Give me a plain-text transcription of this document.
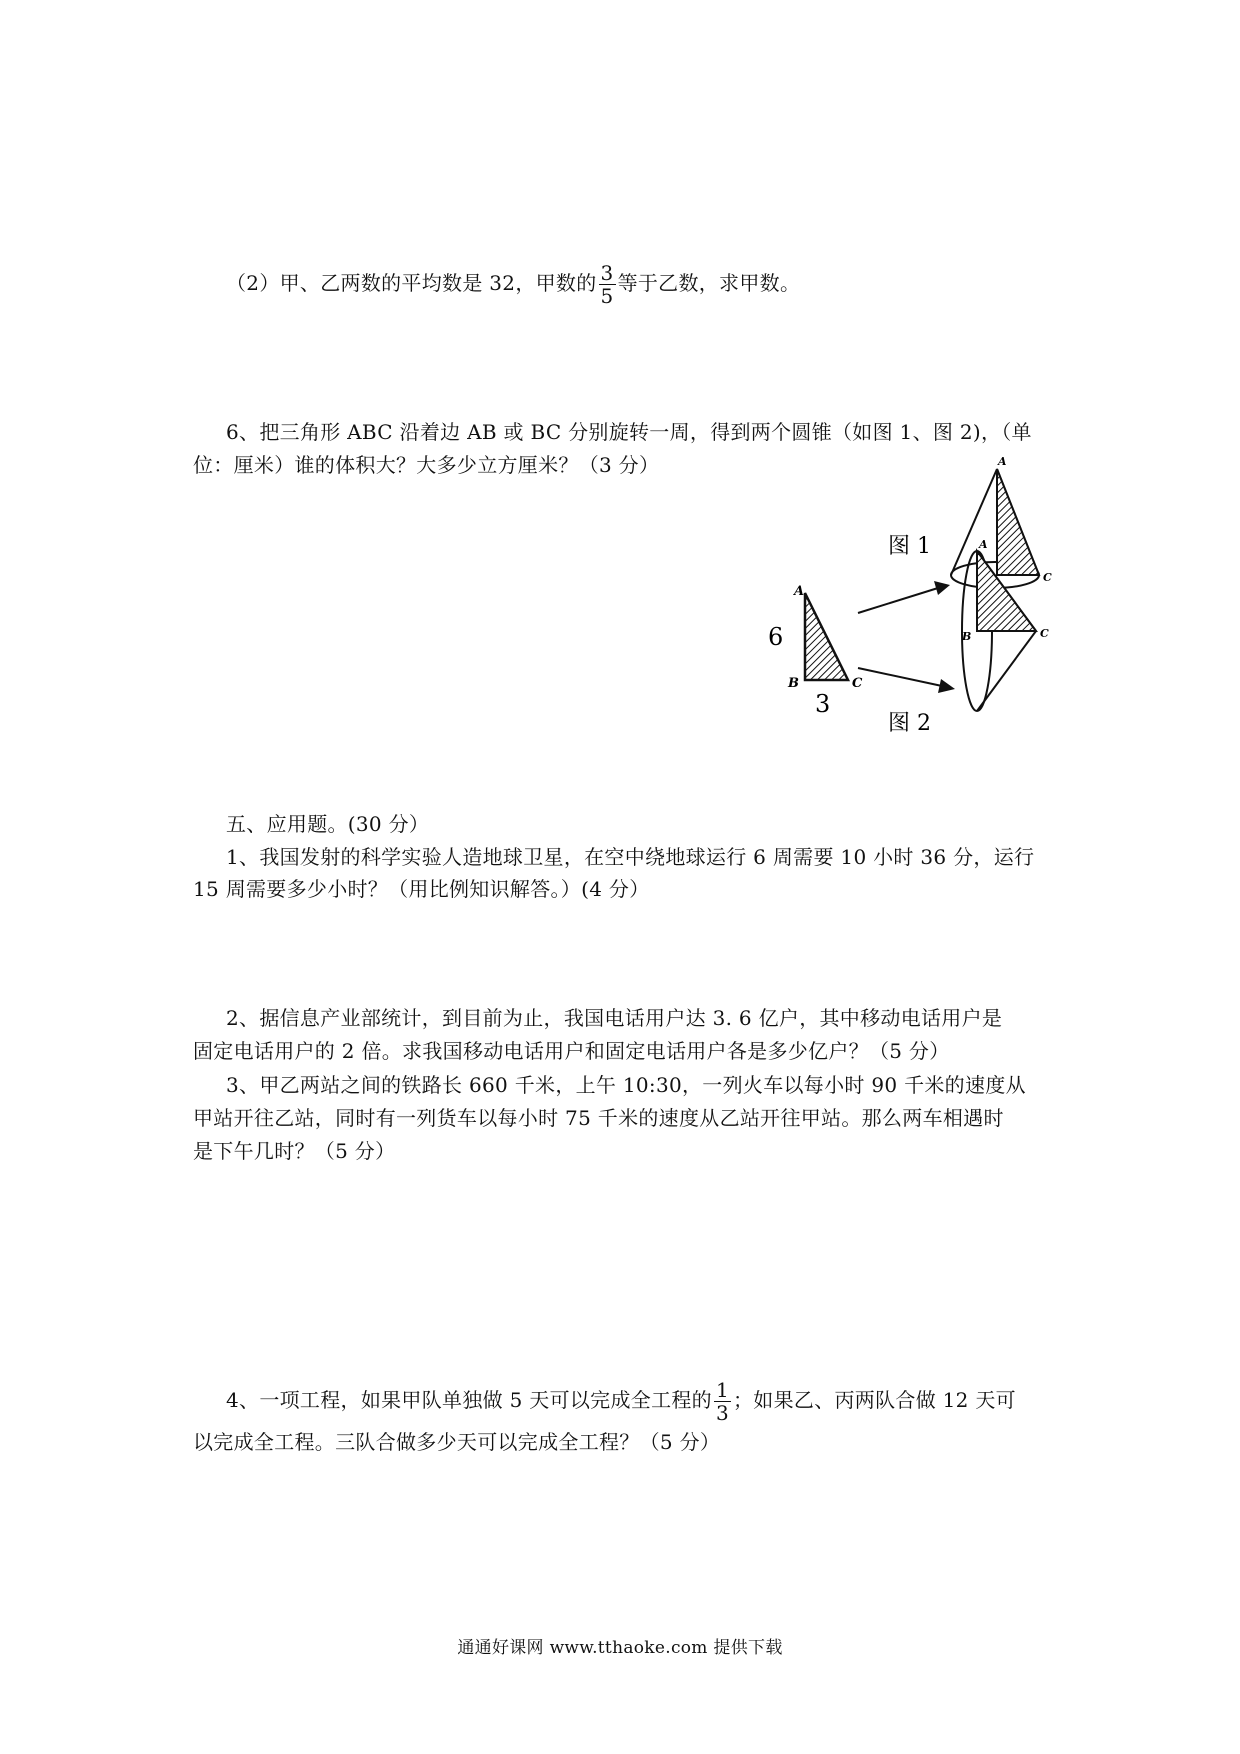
（2）甲、乙两数的平均数是 32，甲数的 $\frac{3}{5}$ 等于乙数，求甲数。
6、把三角形 ABC 沿着边 AB 或 BC 分别旋转一周，得到两个圆锥（如图 1、图 2)，（单
位：厘米）谁的体积大？大多少立方厘米？（3 分）
A
B	C
6
3
图 1
A
C
图 2
A
B	C
五、应用题。(30 分）
1、我国发射的科学实验人造地球卫星，在空中绕地球运行 6 周需要 10 小时 36 分，运行
15 周需要多少小时？（用比例知识解答。）(4 分）
2、据信息产业部统计，到目前为止，我国电话用户达 3. 6 亿户，其中移动电话用户是
固定电话用户的 2 倍。求我国移动电话用户和固定电话用户各是多少亿户？（5 分）
3、甲乙两站之间的铁路长 660 千米，上午 10:30，一列火车以每小时 90 千米的速度从
甲站开往乙站，同时有一列货车以每小时 75 千米的速度从乙站开往甲站。那么两车相遇时
是下午几时？（5 分）
4、一项工程，如果甲队单独做 5 天可以完成全工程的 $\frac{1}{3}$ ；如果乙、丙两队合做 12 天可
以完成全工程。三队合做多少天可以完成全工程？（5 分）
通通好课网 www.tthaoke.com 提供下载
